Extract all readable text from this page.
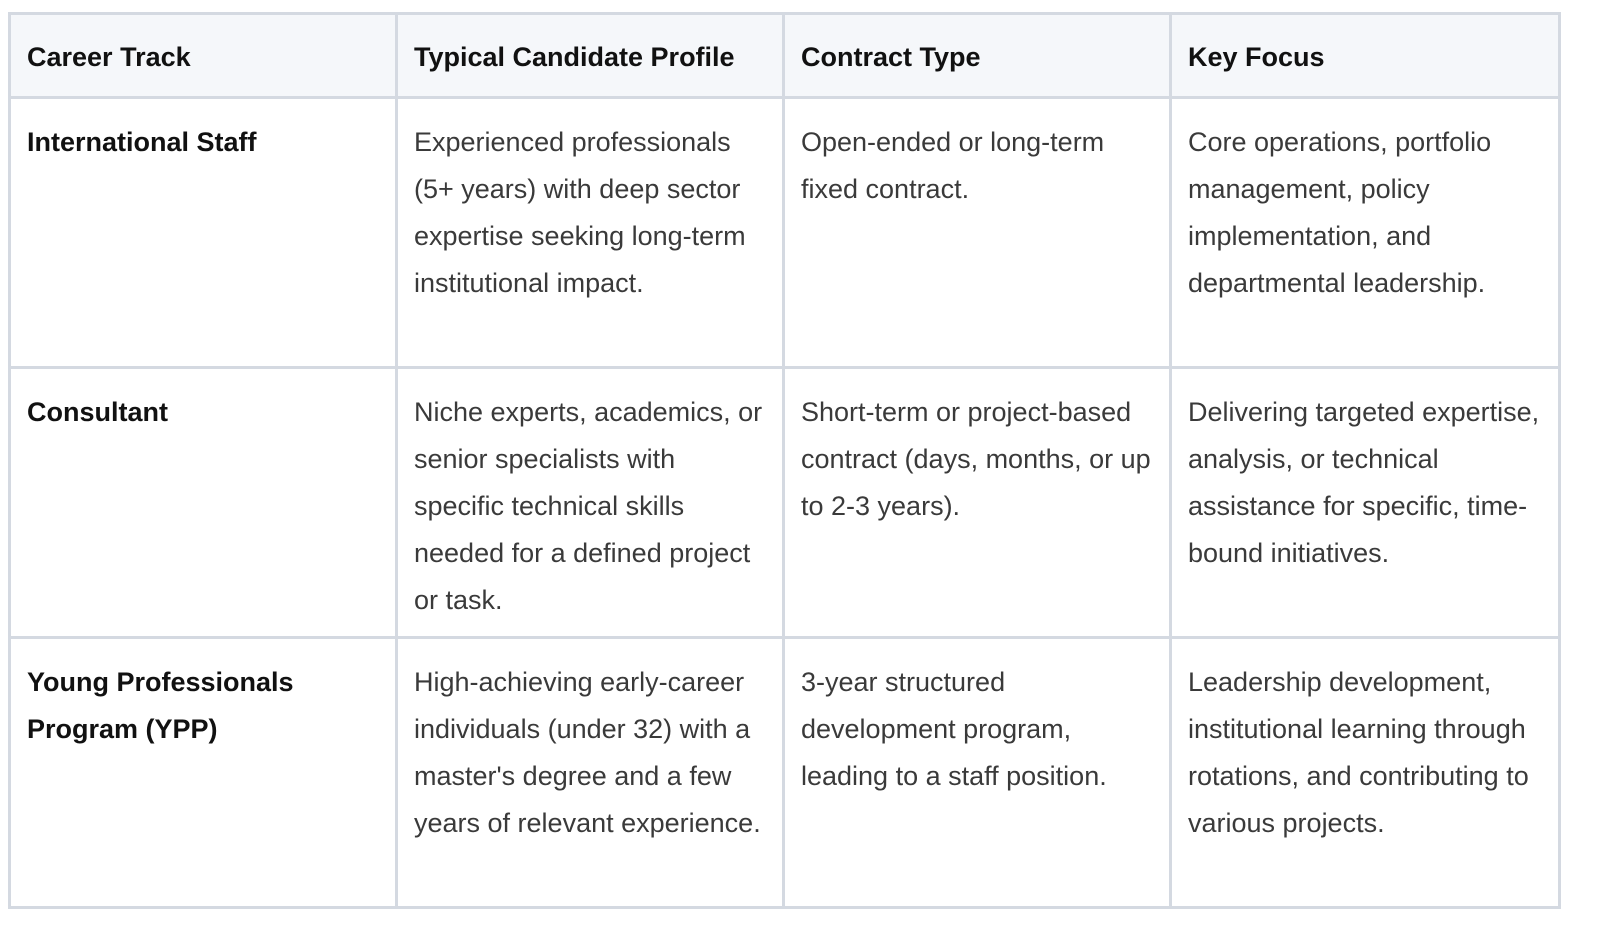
Career Track	Typical Candidate Profile	Contract Type	Key Focus
International Staff	Experienced professionals (5+ years) with deep sector expertise seeking long-term institutional impact.	Open-ended or long-term fixed contract.	Core operations, portfolio management, policy implementation, and departmental leadership.
Consultant	Niche experts, academics, or senior specialists with specific technical skills needed for a defined project or task.	Short-term or project-based contract (days, months, or up to 2-3 years).	Delivering targeted expertise, analysis, or technical assistance for specific, time-bound initiatives.
Young Professionals Program (YPP)	High-achieving early-career individuals (under 32) with a master's degree and a few years of relevant experience.	3-year structured development program, leading to a staff position.	Leadership development, institutional learning through rotations, and contributing to various projects.
